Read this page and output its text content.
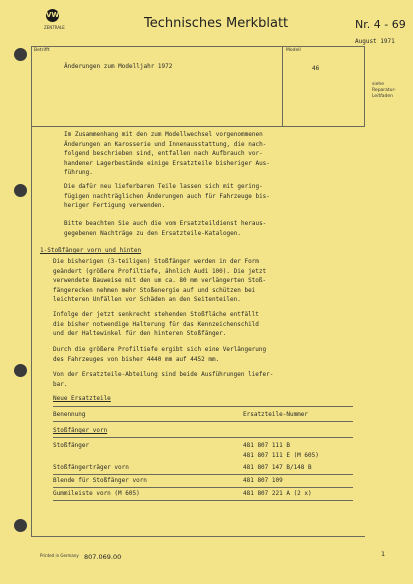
VW
ZENTRALE	Technisches Merkblatt	Nr. 4 - 69
August 1971
Betrifft	Modell
Änderungen zum Modelljahr 1972	46
siehe
Reparatur-
Leitfaden
Im Zusammenhang mit den zum Modellwechsel vorgenommenen
Änderungen an Karosserie und Innenausstattung, die nach-
folgend beschrieben sind, entfallen nach Aufbrauch vor-
handener Lagerbestände einige Ersatzteile bisheriger Aus-
führung.
Die dafür neu lieferbaren Teile lassen sich mit gering-
fügigen nachträglichen Änderungen auch für Fahrzeuge bis-
heriger Fertigung verwenden.
Bitte beachten Sie auch die vom Ersatzteildienst heraus-
gegebenen Nachträge zu den Ersatzteile-Katalogen.
1-Stoßfänger vorn und hinten
Die bisherigen (3-teiligen) Stoßfänger werden in der Form
geändert (größere Profiltiefe, ähnlich Audi 100). Die jetzt
verwendete Bauweise mit den um ca. 80 mm verlängerten Stoß-
fängerecken nehmen mehr Stoßenergie auf und schützen bei
leichteren Unfällen vor Schäden an den Seitenteilen.
Infolge der jetzt senkrecht stehenden Stoßfläche entfällt
die bisher notwendige Halterung für das Kennzeichenschild
und der Haltewinkel für den hinteren Stoßfänger.
Durch die größere Profiltiefe ergibt sich eine Verlängerung
des Fahrzeuges von bisher 4440 mm auf 4452 mm.
Von der Ersatzteile-Abteilung sind beide Ausführungen liefer-
bar.
Neue Ersatzteile
Benennung	Ersatzteile-Nummer
Stoßfänger vorn
Stoßfänger	481 807 111 B
481 807 111 E (M 605)
Stoßfängerträger vorn	481 807 147 B/148 B
Blende für Stoßfänger vorn	481 807 109
Gummileiste vorn (M 605)	481 807 221 A (2 x)
Printed in Germany 807.069.00	1
